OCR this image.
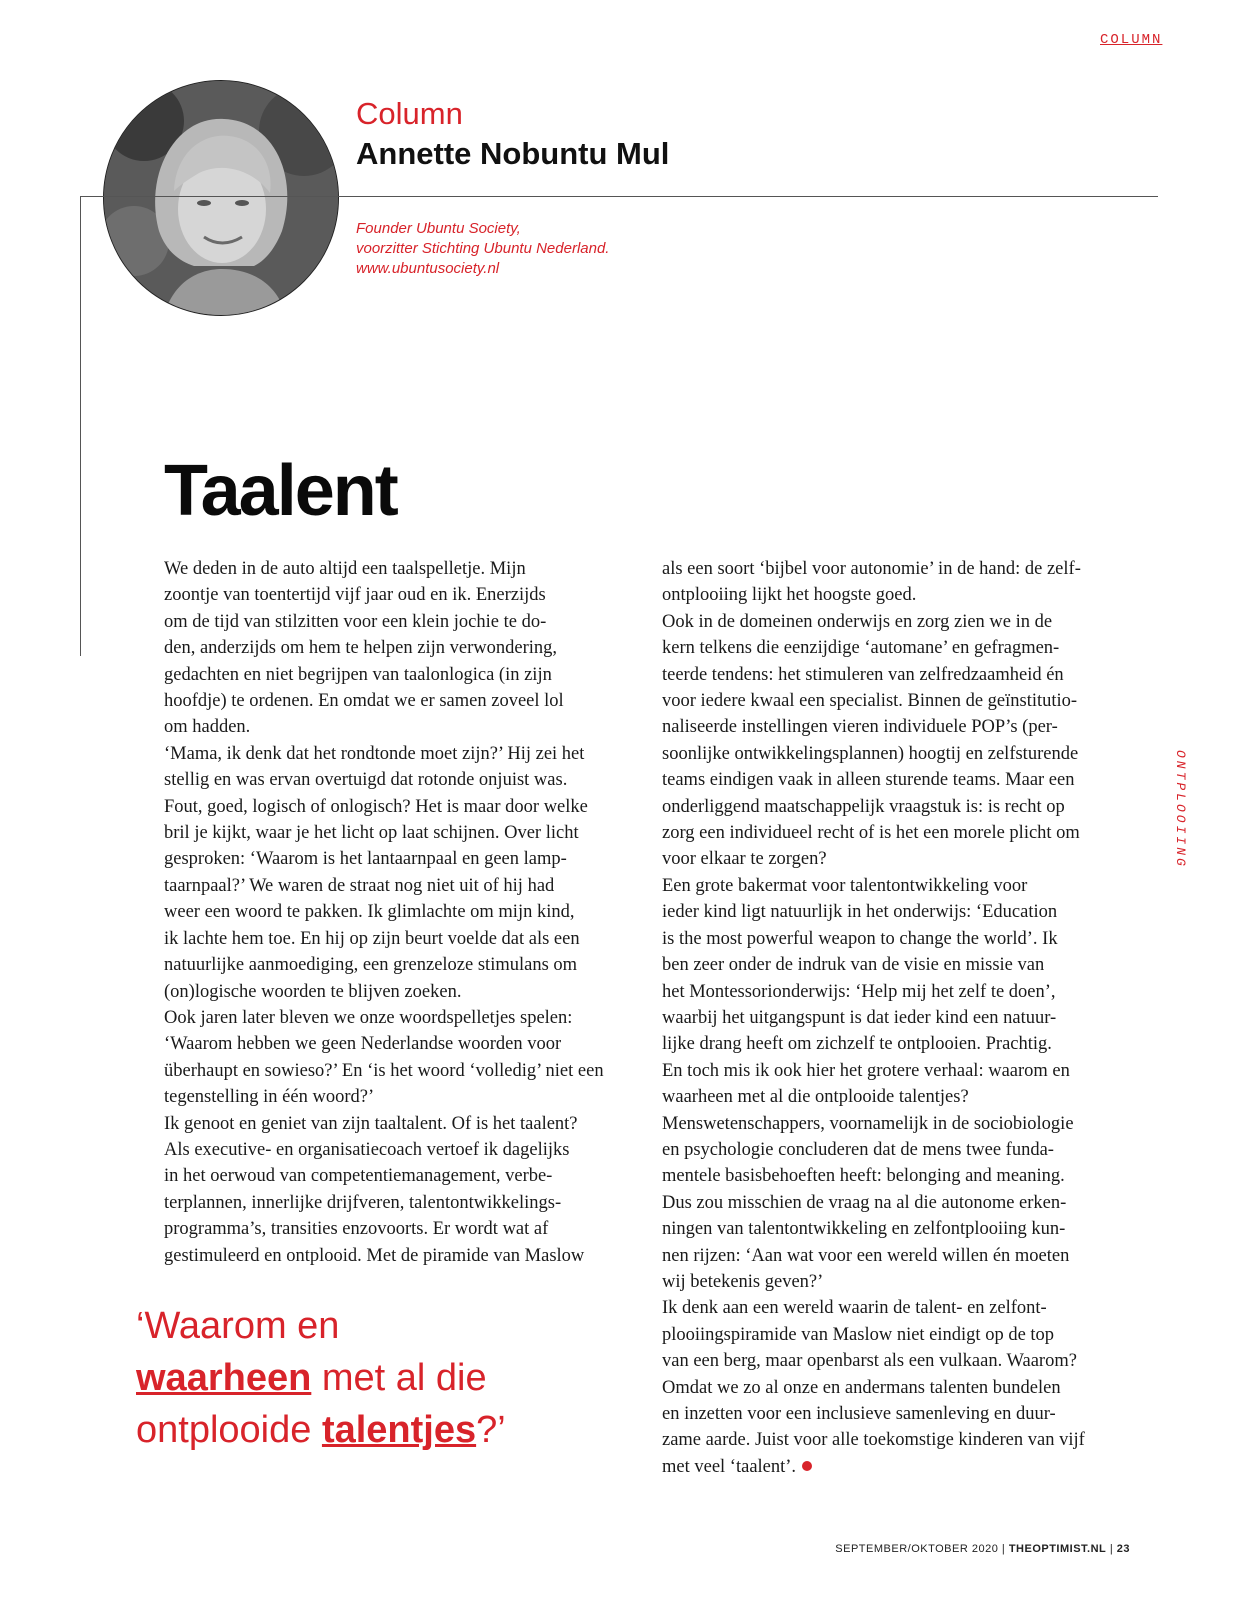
COLUMN
Column
Annette Nobuntu Mul
Founder Ubuntu Society,
voorzitter Stichting Ubuntu Nederland.
www.ubuntusociety.nl
Taalent
We deden in de auto altijd een taalspelletje. Mijn
zoontje van toentertijd vijf jaar oud en ik. Enerzijds
om de tijd van stilzitten voor een klein jochie te do-
den, anderzijds om hem te helpen zijn verwondering,
gedachten en niet begrijpen van taalonlogica (in zijn
hoofdje) te ordenen. En omdat we er samen zoveel lol
om hadden.
‘Mama, ik denk dat het rondtonde moet zijn?’ Hij zei het
stellig en was ervan overtuigd dat rotonde onjuist was.
Fout, goed, logisch of onlogisch? Het is maar door welke
bril je kijkt, waar je het licht op laat schijnen. Over licht
gesproken: ‘Waarom is het lantaarnpaal en geen lamp-
taarnpaal?’ We waren de straat nog niet uit of hij had
weer een woord te pakken. Ik glimlachte om mijn kind,
ik lachte hem toe. En hij op zijn beurt voelde dat als een
natuurlijke aanmoediging, een grenzeloze stimulans om
(on)logische woorden te blijven zoeken.
Ook jaren later bleven we onze woordspelletjes spelen:
‘Waarom hebben we geen Nederlandse woorden voor
überhaupt en sowieso?’ En ‘is het woord ‘volledig’ niet een
tegenstelling in één woord?’
Ik genoot en geniet van zijn taaltalent. Of is het taalent?
Als executive- en organisatiecoach vertoef ik dagelijks
in het oerwoud van competentiemanagement, verbe-
terplannen, innerlijke drijfveren, talentontwikkelings-
programma’s, transities enzovoorts. Er wordt wat af
gestimuleerd en ontplooid. Met de piramide van Maslow
als een soort ‘bijbel voor autonomie’ in de hand: de zelf-
ontplooiing lijkt het hoogste goed.
Ook in de domeinen onderwijs en zorg zien we in de
kern telkens die eenzijdige ‘automane’ en gefragmen-
teerde tendens: het stimuleren van zelfredzaamheid én
voor iedere kwaal een specialist. Binnen de geïnstitutio-
naliseerde instellingen vieren individuele POP’s (per-
soonlijke ontwikkelingsplannen) hoogtij en zelfsturende
teams eindigen vaak in alleen sturende teams. Maar een
onderliggend maatschappelijk vraagstuk is: is recht op
zorg een individueel recht of is het een morele plicht om
voor elkaar te zorgen?
Een grote bakermat voor talentontwikkeling voor
ieder kind ligt natuurlijk in het onderwijs: ‘Education
is the most powerful weapon to change the world’. Ik
ben zeer onder de indruk van de visie en missie van
het Montessorionderwijs: ‘Help mij het zelf te doen’,
waarbij het uitgangspunt is dat ieder kind een natuur-
lijke drang heeft om zichzelf te ontplooien. Prachtig.
En toch mis ik ook hier het grotere verhaal: waarom en
waarheen met al die ontplooide talentjes?
Menswetenschappers, voornamelijk in de sociobiologie
en psychologie concluderen dat de mens twee funda-
mentele basisbehoeften heeft: belonging and meaning.
Dus zou misschien de vraag na al die autonome erken-
ningen van talentontwikkeling en zelfontplooiing kun-
nen rijzen: ‘Aan wat voor een wereld willen én moeten
wij betekenis geven?’
Ik denk aan een wereld waarin de talent- en zelfont-
plooiingspiramide van Maslow niet eindigt op de top
van een berg, maar openbarst als een vulkaan. Waarom?
Omdat we zo al onze en andermans talenten bundelen
en inzetten voor een inclusieve samenleving en duur-
zame aarde. Juist voor alle toekomstige kinderen van vijf
met veel ‘taalent’.
‘Waarom en
waarheen met al die
ontplooide talentjes?’
ONTPLOOIING
SEPTEMBER/OKTOBER 2020 | THEOPTIMIST.NL | 23
